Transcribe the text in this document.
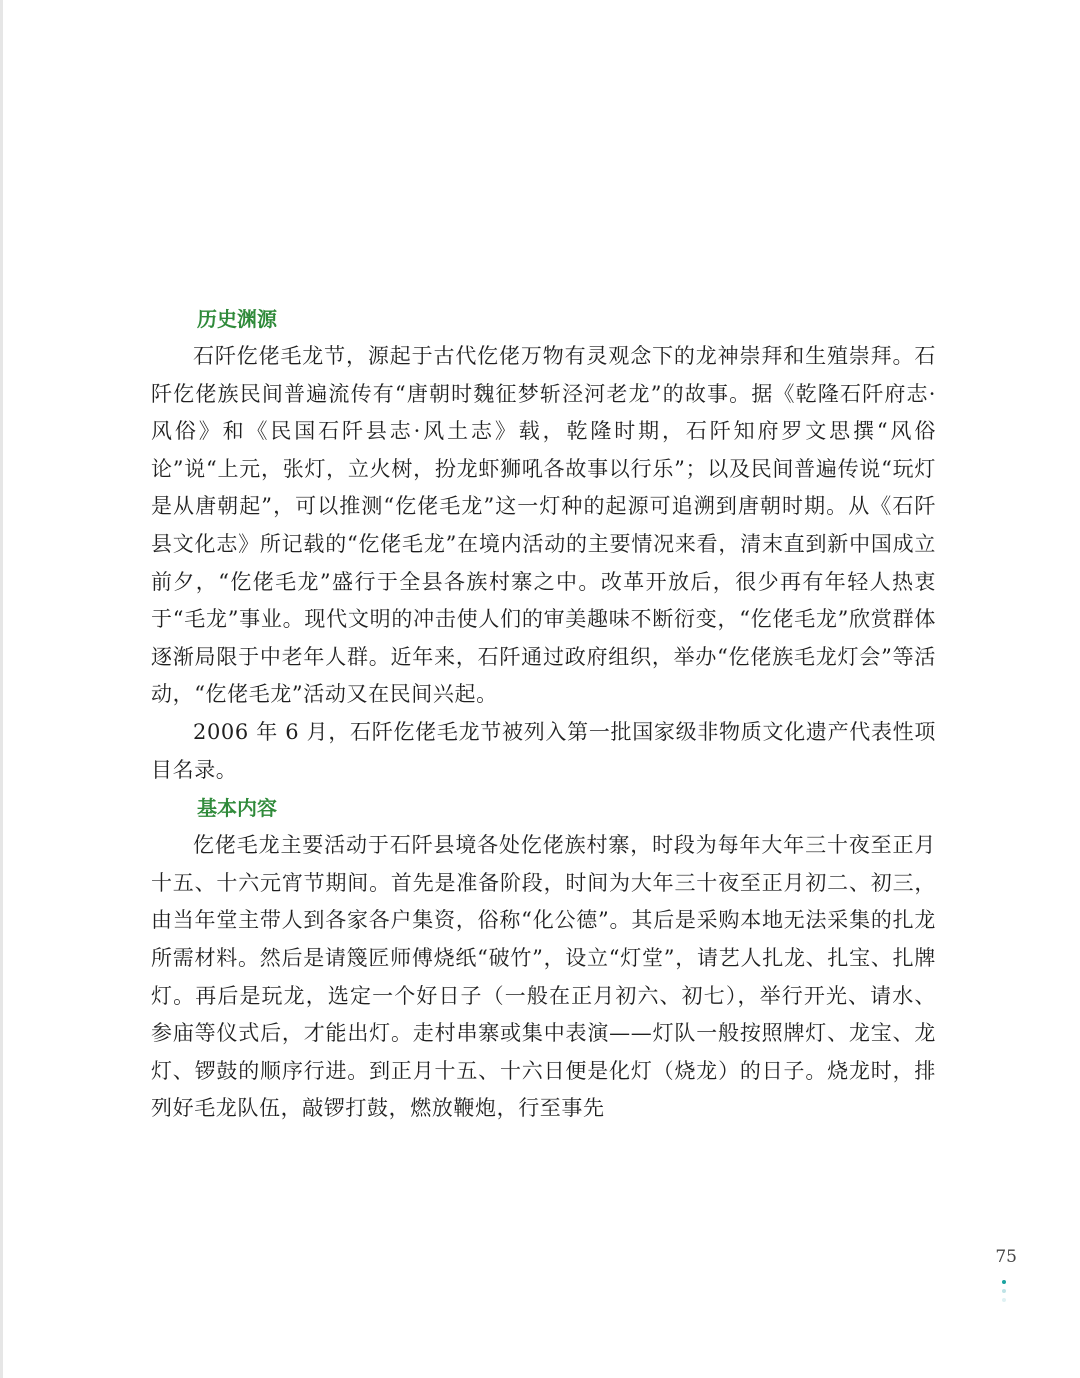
历史渊源

石阡仡佬毛龙节，源起于古代仡佬万物有灵观念下的龙神崇拜和生殖崇拜。石阡仡佬族民间普遍流传有“唐朝时魏征梦斩泾河老龙”的故事。据《乾隆石阡府志·风俗》和《民国石阡县志·风土志》载，乾隆时期，石阡知府罗文思撰“风俗论”说“上元，张灯，立火树，扮龙虾狮吼各故事以行乐”；以及民间普遍传说“玩灯是从唐朝起”，可以推测“仡佬毛龙”这一灯种的起源可追溯到唐朝时期。从《石阡县文化志》所记载的“仡佬毛龙”在境内活动的主要情况来看，清末直到新中国成立前夕，“仡佬毛龙”盛行于全县各族村寨之中。改革开放后，很少再有年轻人热衷于“毛龙”事业。现代文明的冲击使人们的审美趣味不断衍变，“仡佬毛龙”欣赏群体逐渐局限于中老年人群。近年来，石阡通过政府组织，举办“仡佬族毛龙灯会”等活动，“仡佬毛龙”活动又在民间兴起。

2006 年 6 月，石阡仡佬毛龙节被列入第一批国家级非物质文化遗产代表性项目名录。

基本内容

仡佬毛龙主要活动于石阡县境各处仡佬族村寨，时段为每年大年三十夜至正月十五、十六元宵节期间。首先是准备阶段，时间为大年三十夜至正月初二、初三，由当年堂主带人到各家各户集资，俗称“化公德”。其后是采购本地无法采集的扎龙所需材料。然后是请篾匠师傅烧纸“破竹”，设立“灯堂”，请艺人扎龙、扎宝、扎牌灯。再后是玩龙，选定一个好日子（一般在正月初六、初七），举行开光、请水、参庙等仪式后，才能出灯。走村串寨或集中表演——灯队一般按照牌灯、龙宝、龙灯、锣鼓的顺序行进。到正月十五、十六日便是化灯（烧龙）的日子。烧龙时，排列好毛龙队伍，敲锣打鼓，燃放鞭炮，行至事先

75
